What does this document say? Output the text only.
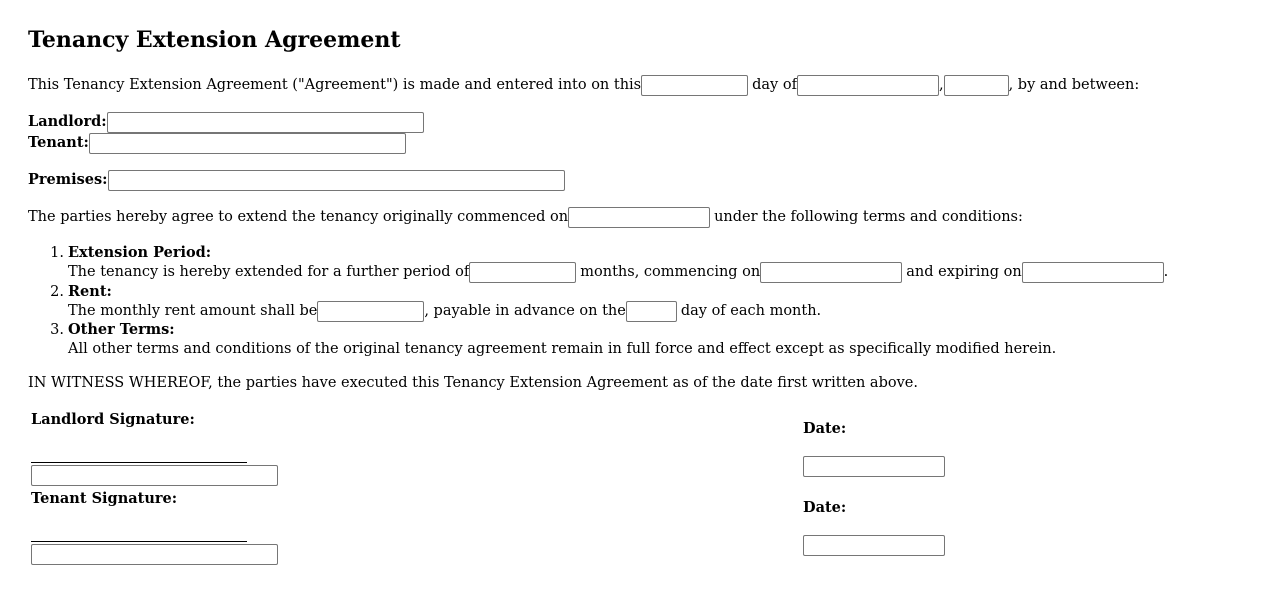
Tenancy Extension Agreement
This Tenancy Extension Agreement ("Agreement") is made and entered into on this	day of	,	, by and between:
Landlord:
Tenant:
Premises:
The parties hereby agree to extend the tenancy originally commenced on	under the following terms and conditions:
1. Extension Period:
The tenancy is hereby extended for a further period of	months, commencing on	and expiring on	.
2. Rent:
The monthly rent amount shall be	, payable in advance on the	day of each month.
3. Other Terms:
All other terms and conditions of the original tenancy agreement remain in full force and effect except as specifically modified herein.
IN WITNESS WHEREOF, the parties have executed this Tenancy Extension Agreement as of the date first written above.
Landlord Signature:
Date:
Tenant Signature:
Date:
